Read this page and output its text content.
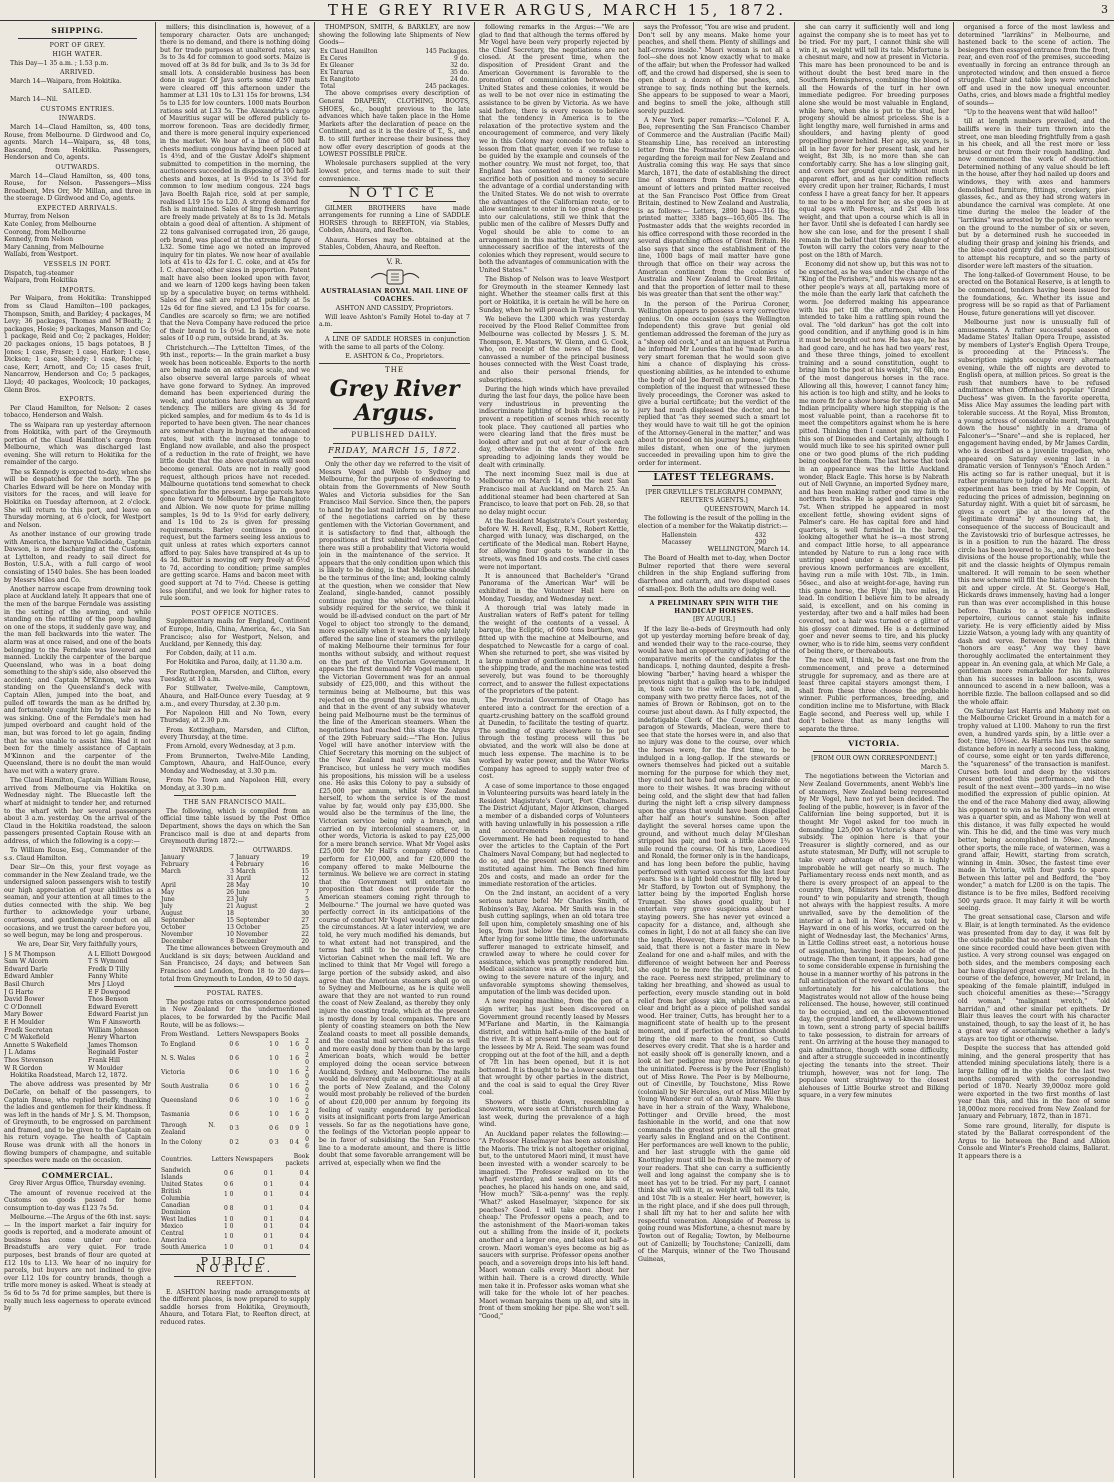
THE GREY RIVER ARGUS, MARCH 15, 1872.	3
SHIPPING.
PORT OF GREY.
HIGH WATER.

This Day—1 35 a.m. ; 1.53 p.m.

ARRIVED.

March 14—Waipara, from Hokitika.

SAILED.

March 14—Nil.

CUSTOMS ENTRIES.
INWARDS.

March 14—Claud Hamilton, ss, 400 tons, Rouse, from Melbourne. D Girdwood and Co, agents. March 14—Waipara, ss, 48 tons, Bascand, from Hokitika. Passengers, Henderson and Co, agents.

OUTWARDS.

March 14—Claud Hamilton, ss, 400 tons, Rouse, for Nelson. Passengers—Miss Broadbent, Mrs Orr, Mr Millan, and three in the steerage. D Girdwood and Co, agents.

EXPECTED ARRIVALS.
Murray, from Nelson
Kate Conley, from Melbourne
Coorong, from Melbourne
Kennedy, from Nelson
Mary Canning, from Melbourne
Wallabi, from Westport.
VESSELS IN PORT.
Dispatch, tug-steamer
Waipara, from Hokitika
IMPORTS.

Per Waipara, from Hokitika: Transhipped from ss Claud Hamilton—100 packages, Thompson, Smith, and Barkley; 4 packages, M Levy; 36 packages, Thomas and M'Beath; 2 packages, Hosie; 9 packages, Manson and Co; 1 package, Reid and Co; 2 packages, Holder; 20 packages onions, 15 bags potatoes, B J Jones; 1 case, Fraser; 1 case, Harker; 1 case, Dickson; 1 case, Sheedy; 1 case, Roche; 1 case, Kerr, Arnott, and Co; 15 cases fruit, Nancarrow, Henderson and Co; 5 packages, Lloyd; 40 packages, Woolcock; 10 packages, Glenn Bros.

EXPORTS.

Per Claud Hamilton, for Nelson: 2 cases tobacco, Henderson and Walsh.

The ss Waipara ran up yesterday afternoon from Hokitika, with part of the Greymouth portion of the Claud Hamilton's cargo from Melbourne, which was discharged last evening. She will return to Hokitika for the remainder of the cargo.

The ss Kennedy is expected to-day, when she will be despatched for the north. The ps Charles Edward will be here on Monday with visitors for the races, and will leave for Hokitika on Tuesday afternoon, at 2 o'clock. She will return to this port, and leave on Thursday morning, at 6 o'clock, for Westport and Nelson.

As another instance of our growing trade with America, the barque Vallecidade, Captain Dawson, is now discharging at the Customs, at Lyttelton, and ready to sail direct for Boston, U.S.A., with a full cargo of wool consisting of 1540 bales. She has been loaded by Messrs Miles and Co.

Another narrow escape from drowning took place at Auckland lately. It appears that one of the men of the barque Ferndale was assisting in the setting of the awning, and while standing on the rattling of the poop hauling on one of the stops, it suddenly gave way, and the man fell backwards into the water. The alarm was at once raised, and one of the boats belonging to the Ferndale was lowered and manned. Luckily the carpenter of the barque Queensland, who was in a boat doing something to the ship's side, also observed the accident; and Captain M'Kinnon, who was standing on the Queensland's deck with Captain Allen, jumped into the boat, and pulled off towards the man as he drifted by, and fortunately caught him by the hair as he was sinking. One of the Ferndale's men had jumped overboard and caught hold of the man, but was forced to let go again, finding that he was unable to assist him. Had it not been for the timely assistance of Captain M'Kinnon and the carpenter of the Queensland, there is no doubt the man would have met with a watery grave.

The Claud Hamilton, Captain William Rouse, arrived from Melbourne via Hokitika on Wednesday night. The Bluecastle left the wharf at midnight to tender her, and returned to the wharf with her several passengers about 3 a.m. yesterday. On the arrival of the Claud in the Hokitika roadstead, the saloon passengers presented Captain Rouse with an address, of which the following is a copy:—

To William Rouse, Esq., Commander of the s.s. Claud Hamilton.

Dear Sir—On this, your first voyage as commander in the New Zealand trade, we the undersigned saloon passengers wish to testify our high appreciation of your abilities as a seaman, and your attention at all times to the duties connected with the ship. We beg further to acknowledge your urbane, courteous, and gentlemanly conduct on all occasions, and we trust the career before you, so well begun, may be long and prosperous.

We are, Dear Sir, Very faithfully yours,

J S M Thompson
Sam W Alcorn
Edward Darle
Edward Ambler
Basil Church
J G Harte
David Bower
C O'Donnell
Mary Bower
E H Moulder
Fredk Secretan
C M Wakefield
Annette S Wakefield
J L Adams
Thos Stevenson
W R Gordon
A L Elliott Dowgood
T S Wymond
Fredk D Tilly
Fanny White
Mrs J Lloyd
E F Dowgood
Thos Benson
Edward Everett
Edward Fearist jun
Wm F Ainsworth
William Johnson
Henry Wharton
James Thomson
Reginald Foster
Frank Hill
W Moulder

Hokitika Roadstead, March 12, 1872.

The above address was presented by Mr DeCarle, on behalf of the passengers, to Captain Rouse, who replied briefly, thanking the ladies and gentlemen for their kindness. It was left in the hands of Mr J. S. M. Thompson, of Greymouth, to be engrossed on parchment and framed, and to be given to the Captain on his return voyage. The health of Captain Rouse was drunk with all the honors in flowing bumpers of champagne, and suitable speeches were made on the occasion.

COMMERCIAL.

Grey River Argus Office, Thursday evening.

The amount of revenue received at the Customs on goods passed for home consumption to-day was £123 7s 5d.

Melbourne.—The Argus of the 6th inst. says:— In the import market a fair inquiry for goods is reported, and a moderate amount of business has come under our notice. Breadstuffs are very quiet. For trade purposes, best brands of flour are quoted at £12 10s to L13. We hear of no inquiry for parcels, but buyers are not inclined to give over L12 10s for country brands, though a trifle more money is asked. Wheat is steady at 5s 6d to 5s 7d for prime samples, but there is really much less eagerness to operate evinced by

millers; this disinclination is, however, of a temporary character. Oats are unchanged; there is no demand, and there is nothing doing but for trade purposes at unaltered rates, say 3s to 3s 4d for common to good sorts. Maize is moved off at 3s 8d for bulk, and 3s to 3s 3d for small lots. A considerable business has been done in sugar. Of Java sorts some 4297 mats were cleared off this afternoon under the hammer at L31 10s to L31 15s for browns, L34 5s to L35 for low counters. 1000 mats Bourbon rations sold at L33 5s. The Alexandria's cargo of Mauritius sugar will be offered publicly to-morrow forenoon. Teas are decidedly firmer, and there is more general inquiry experienced in the market. We hear of a line of 500 half chests medium congous having been placed at 1s 4½d, and of the Gustav Adolf's shipment submitted to competition in the morning, the auctioneers succeeded in disposing of 100 half-chests and boxes, at 1s 9½d to 1s 3½d for common to low medium congous. 224 bags Java Boelth Rajah rice, sold at per sample, realised L19 15s to L20. A strong demand for fish is maintained. Sales of ling fresh herrings are freely made privately at 8s to 1s 3d. Metals obtain a good deal of attention. A shipment of 22 tons galvanised corrugated iron, 26 gauge, orb brand, was placed at the extreme figure of L32. Some time ago we noted an improved inquiry for tin plates. We now hear of available lots at 41s to 42s for I. C. coke, and at 45s for I. C. charcoal; other sizes in proportion. Patent malt have also been looked upon with favor, and we learn of 1200 kegs having been taken up by a speculative buyer, on terms withheld. Sales of fine salt are reported publicly at 5s 12s 6d for fine sieved, and L3 15s for coarse. Candles are scarcely so firm; we are notified that the Neva Company have reduced the price of their brand to 1s 0½d. In liquids we note sales of 10 o.p rum, outside brand, at 3s.

Christchurch.—The Lyttelton Times, of the 9th inst., reports:— In the grain market a busy week has been noticeable. Exports to the north are being made on an extensive scale, and we also observe several large parcels of wheat have gone forward to Sydney. An improved demand has been experienced during the week, and quotations have shown an upward tendency. The millers are giving 4s 3d for picked samples, and for medium 4s to 4s 1d is reported to have been given. The near chances are somewhat chary in buying at the advanced rates, but with the increased tonnage to England now available, and also the prospect of a reduction in the rate of freight, we have little doubt that the above quotations will soon become general. Oats are not in really good request, although prices have not receded. Malbourne quotations tend somewhat to check speculation for the present. Large parcels have gone forward to Melbourne by the Rangitoto and Albion. We now quote for prime milling samples, 1s 9d to 1s 9½d for early delivery, and 1s 10d to 2s is given for pressing requirements. Barley continues in good request, but the farmers seeing less anxious to quit unless at rates which exporters cannot afford to pay. Sales have transpired at 4s up to 4s 3d. Butter is moving off very freely at 6½d to 7d, according to condition; prime samples are getting scarce. Hams and bacon meet with good support at 7d to 7½d. Cheese is getting less plentiful, and we look for higher rates to rule soon.

POST OFFICE NOTICES.

Supplementary mails for England, Continent of Europe, India, China, America, &c., via San Francisco; also for Westport, Nelson, and Auckland, per Kennedy, this day.

For Cobden, daily, at 11 a.m.

For Hokitika and Paroa, daily, at 11.30 a.m.

For Rutherglen, Marsden, and Clifton, every Tuesday, at 10 a.m.

For Stillwater, Twelve-mile, Camptown, Ahaura, and Half-Ounce every Tuesday, at 9 a.m., and every Thursday, at 2.30 p.m.

For Napoleon Hill and No Town, every Thursday, at 2.30 p.m.

From Kottingham, Marsden, and Clifton, every Thursday, at the time.

From Arnold, every Wednesday, at 3 p.m.

From Brunnerton, Twelve-Mile Landing, Camptown, Ahaura, and Half-Ounce, every Monday and Wednesday, at 3.30 p.m.

From No Town and Napoleon Hill, every Monday, at 3.30 p.m.

THE SAN FRANCISCO MAIL.

The following, which is compiled from an official time table issued by the Post Office Department, shows the days on which the San Francisco mail is due at and departs from Greymouth during 1872:—

INWARDS.		OUTWARDS.	
January	7	January	19
February	4	February	16
March	3	March	15
	31	April	12
April	28	May	10
May	26	June	7
June	23	July	5
July	21	August	2
August	18		30
September	15	September	27
October	13	October	25
November	10	November	22
December	8	December	20

The time allowances between Greymouth and Auckland is six days; between Auckland and San Francisco, 24 days; and between San Francisco and London, from 18 to 20 days—total from Greymouth to London, 49 to 50 days.

POSTAL RATES.

The postage rates on correspondence posted in New Zealand for the undermentioned places, to be forwarded by the Pacific Mail Route, will be as follows:—

From Westland.	Letters	Newspapers	Books	
To England	0 6	1 0	1 6	2 0
N. S. Wales	0 6	1 0	1 6	2 0
Victoria	0 6	1 0	1 6	2 0
South Australia	0 6	1 0	1 6	2 0
Queensland	0 6	1 0	1 6	2 0
Tasmania	0 6	1 0	1 6	2 0
Through N. Zealand	0 3	0 6	0 9	1 0
In the Colony	0 2	0 3	0 4	0 6
Countries.	Letters	Newspapers	Book packets
Sandwich Islands	0 6	0 1	0 4
United States	0 6	0 1	0 4
British Columbia	1 0	0 1	0 4
Canadian Dominion	0 8	0 1	0 4
West Indies	1 0	0 1	0 4
Mexico	1 0	0 1	0 4
Central America	1 0	0 1	0 4
South America	1 0	0 1	0 4
PUBLIC NOTICE.
REEFTON.

E. ASHTON having made arrangements at the different places, is now prepared to supply saddle horses from Hokitika, Greymouth, Ahaura, and Totara Flat, to Reefton direct, at reduced rates.

THOMPSON, SMITH, & BARKLEY, are now showing the following late Shipments of New Goods—

Ex Claud Hamilton	145 Packages.
Ex Ceres	9 do.
Ex Gleaner	32 do.
Ex Tararua	35 do.
Ex Rangitoto	24 do.
Total	245 packages.

The above comprises every description of General DRAPERY, CLOTHING, BOOTS, SHOES, &c., bought previous to the late advances which have taken place in the Home Markets after the declaration of peace on the Continent, and as it is the desire of T., S., and B. to still further increase their business they now offer every description of goods at the LOWEST POSSIBLE PRICE.

Wholesale purchasers supplied at the very lowest price, and terms made to suit their convenience.

NOTICE

GILMER BROTHERS have made arrangements for running a Line of SADDLE HORSES through to REEFTON, via Stables, Cobden, Ahaura, and Reefton.

Ahaura. Horses may be obtained at the Stables, Cobden, Ahaura, and Reefton.

V. R.
AUSTRALASIAN ROYAL MAIL LINE OF COACHES.

ASHTON AND CASSIDY, Proprietors.

Will leave Ashton's Family Hotel to-day at 7 a.m.

A LINE OF SADDLE HORSES in conjunction with the same to all parts of the Colony.

E. ASHTON & Co., Proprietors.

THE
Grey River Argus.
PUBLISHED DAILY.
FRIDAY, MARCH 15, 1872.

Only the other day we referred to the visit of Messrs Vogel and Webb to Sydney and Melbourne, for the purpose of endeavoring to obtain from the Governments of New South Wales and Victoria subsidies for the San Francisco Mail Service. Since then, the papers to hand by the last mail inform us of the nature of the negotiations carried on by these gentlemen with the Victorian Government, and it is satisfactory to find that, although the propositions at first submitted were rejected, there was still a probability that Victoria would join in the maintenance of the service. It appears that the only condition upon which this is likely to be doing, is that Melbourne should be the terminus of the line; and, looking calmly at the question, when we consider that New Zealand, single-handed, cannot possibly continue paying the whole of the colonial subsidy required for the service, we think it would be ill-advised conduct on the part of Mr Vogel to object too strongly to the demand, more especially when it was he who only lately offered the same line of steamers the privilege of making Melbourne their terminus for four months without subsidy, and without request on the part of the Victorian Government. It appears the first demand Mr Vogel made upon the Victorian Government was for an annual subsidy of £25,000, and this without the terminus being at Melbourne, but this was rejected on the ground that it was too much, and that in the event of any subsidy whatever being paid Melbourne must be the terminus of the line of the American steamers. When the negotiations had reached this stage the Argus of the 29th February said:—"The Hon. Julius Vogel will have another interview with the Chief Secretary this morning on the subject of the New Zealand mail service via San Francisco, but unless he very much modifies his propositions, his mission will be a useless one. He asks this Colony to pay a subsidy of £25,000 per annum, whilst New Zealand herself, to whom the service is of the most value by far, would only pay £35,000. She would also be the terminus of the line, the Victorian service being only a branch, and carried on by intercolonial steamers, or, in other words, Victoria is asked to pay £25,000 for a mere branch service. What Mr Vogel asks £25,000 for Mr Hall's company offered to perform for £10,000, and for £20,000 the company offered to make Melbourne the terminus. We believe we are correct in stating that the Government will entertain no proposition that does not provide for the American steamers coming right through to Melbourne." The journal we have quoted was perfectly correct in its anticipations of the course of conduct Mr Vogel would adopt under the circumstances. At a later interview, we are told, he very much modified his demands, but to what extent had not transpired, and the terms had still to be considered by the Victorian Cabinet when the mail left. We are inclined to think that Mr Vogel will forego a large portion of the subsidy asked, and also agree that the American steamers shall go on to Sydney and Melbourne, as he is quite well aware that they are not wanted to run round the coast of New Zealand, as thereby they only injure the coasting trade, which at the present is mostly done by local companies. There are plenty of coasting steamers on both the New Zealand coasts to meet all possible demands, and the coastal mail service could be as well and more easily done by them than by the large American boats, which would be better employed doing the ocean service between Auckland, Sydney, and Melbourne. The mails would be delivered quite as expeditiously at all the ports of New Zealand, and the Colony would most probably be relieved of the burden of about £20,000 per annum by forgoing its feeling of vanity engendered by periodical visits at insignificant ports from large American vessels. So far as the negotiations have gone, the feelings of the Victorian people appear to be in favor of subsidising the San Francisco line to a moderate amount, and there is little doubt that some favorable arrangement will be arrived at, especially when we find the

following remarks in the Argus:—"We are glad to find that although the terms offered by Mr Vogel have been very properly rejected by the Chief Secretary, the negotiations are not closed. At the present time, when the disposition of President Grant and the American Government is favorable to the promotion of communication between the United States and these colonies, it would be as well to be not over nice in estimating the assistance to be given by Victoria. As we have said before, there is every reason to believe that the tendency in America is to the relaxation of the protective system and the encouragement of commerce, and very likely we in this Colony may concede too to take a lesson from that quarter, even if we refuse to be guided by the example and counsels of the mother country. We must not forget, too, that England has consented to a considerable sacrifice both of position and money to secure the advantage of a cordial understanding with the United States. We do not wish to overrate the advantages of the Californian route, or to allow sentiment to enter in too great a degree into our calculations, still we think that the public men of the calibre of Messrs Duffy and Vogel should be able to come to an arrangement in this matter, that, without any unnecessary sacrifice of the interests of the colonies which they represent, would secure to both the advantages of communication with the United States."

The Bishop of Nelson was to leave Westport for Greymouth in the steamer Kennedy last night. Whether the steamer calls first at this port or Hokitika, it is certain he will be here on Sunday, when he will preach in Trinity Church.

We believe the L300 which was yesterday received by the Flood Relief Committee from Melbourne was collected by Messrs J. S. M. Thompson, E. Masters, W. Glenn, and G. Cook, who, on receipt of the news of the flood, canvassed a number of the principal business houses connected with the West Coast trade, and also their personal friends, for subscriptions.

During the high winds which have prevailed during the last four days, the police have been very industrious in preventing the indiscriminate lighting of bush fires, so as to prevent a repetition of scenes which recently took place. They cautioned all parties who were clearing land that the fires must be looked after and put out at four o'clock each day, otherwise in the event of the fire spreading to adjoining lands they would be dealt with criminally.

The next incoming Suez mail is due at Melbourne on March 14, and the next San Francisco mail at Auckland on March 25. An additional steamer had been chartered at San Francisco, to leave that port on Feb. 28, so that no delay might occur.

At the Resident Magistrate's Court yesterday, before W. H. Revell, Esq., R.M., Robert Kettle, charged with lunacy, was discharged, on the certificate of the Medical man. Robert Hayne, for allowing four goats to wander in the streets, was fined 10s and costs. The civil cases were not important.

It is announced that Bachelder's "Grand Panorama of the American War" will be exhibited in the Volunteer Hall here on Monday, Tuesday, and Wednesday next.

A thorough trial was lately made in Australian waters of Reff's patent for telling the weight of the contents of a vessel. A barque, the Ecliptic, of 600 tons burthen, was fitted up with the machine at Melbourne, and despatched to Newcastle for a cargo of coal. When she returned to port, she was visited by a large number of gentlemen connected with the shipping trade, and the machine was tested severely, but was found to be thoroughly correct, and to answer the fullest expectations of the proprietors of the patent.

The Provincial Government of Otago has entered into a contract for the erection of a quartz-crushing battery on the scaffold ground at Dunedin, to facilitate the testing of quartz. The sending of quartz elsewhere to be put through the testing process will thus be obviated, and the work will also be done at much less expense. The machine is to be worked by water power, and the Water Works Company has agreed to supply water free of cost.

A case of some importance to those engaged in Volunteering pursuits was heard lately in the Resident Magistrate's Court, Port Chalmers. The District Adjutant, Major Atkinson, charged a member of a disbanded corps of Volunteers with having unlawfully in his possession a rifle and accoutrements belonging to the Government. He had been requested to hand over the articles to the Captain of the Port Chalmers Naval Company, but had neglected to do so, and the present action was therefore instituted against him. The Bench fined him 20s and costs, and made an order for the immediate restoration of the articles.

On the 2nd instant, an accident of a very serious nature befel Mr Charles Smith, of Robinson's Bay, Akaroa. Mr Smith was in the bush cutting saplings, when an old totara tree fell upon him, completely smashing one of his legs, from just below the knee downwards. After lying for some little time, the unfortunate sufferer managed to extricate himself, and crawled away to where he could cover for assistance, which was promptly rendered him. Medical assistance was at once sought; but, owing to the severe nature of the injury, and unfavorable symptoms showing themselves, amputation of the limb was decided upon.

A new reaping machine, from the pen of a sign writer, has just been discovered on Government ground recently leased by Messrs M'Farlane and Martin, in the Kaimangia district, and within half-a-mile of the bank of the river. It is at present being opened out for the lessees by Mr A. Reid. The seam was found cropping out at the foot of the hill, and a depth of 7ft 1in has been opened, but it is not bottomed. It is thought to be a lower seam than that wrought by other parties in the district, and the coal is said to equal the Grey River coal.

Showers of thistle down, resembling a snowstorm, were seen at Christchurch one day last week, during the prevalence of a high wind.

An Auckland paper relates the following:— "A Professor Haselmayer has been astonishing the Maoris. The trick is not altogether original, but, to the untutored Maori mind, it must have been invested with a wonder scarcely to be imagined. The Professor walked on to the wharf yesterday, and seeing some kits of peaches, he placed his hands on one, and said, 'How much?' 'Sik-a-penny' was the reply. 'What?' asked Haselmayer, 'sixpence for six peaches? Good. I will take one. They are cheap.' The Professor opens a peach, and to the astonishment of the Maori-woman takes out a shilling from the inside of it, pockets another and a larger one, and takes out half-a-crown. Maori woman's eyes become as big as saucers with surprise. Professor opens another peach, and a sovereign drops into his left hand. Maori woman calls every Maori about her within hail. There is a crowd directly. While men take it in. Professor asks woman what she will take for the whole lot of her peaches. Maori woman bargains them up all, and sits in front of them smoking her pipe. She won't sell. "Good,"

says the Professor, "You are wise and prudent. Don't sell by any means. Make home your peaches, and shell them. Plenty of shillings and half-crowns inside." Maori woman is not all a fool—she does not know exactly what to make of the affair; but when the Professor had walked off, and the crowd had dispersed, she is seen to open about a dozen of the peaches, and, strange to say, finds nothing but the kernels. She appears to be supposed to wear a Maori, and begins to smell the joke, although still sorely puzzled.

A New York paper remarks:—"Colonel F. A. Bee, representing the San Francisco Chamber of Commerce and the Australian (Pacific Mail) Steamship Line, has received an interesting letter from the Postmaster of San Francisco regarding the foreign mail for New Zealand and Australia coming this way. He says that since March, 1871, the date of establishing the direct line of steamers from San Francisco, the amount of letters and printed matter received at the San Francisco Post Office from Great Britain, destined to New Zealand and Australia, is as follows:— Letters, 2890 bags—316 lbs; printed matter, 3385 bags—165,605 lbs. The Postmaster adds that the weights recorded in his office correspond with those recorded in the several dispatching offices of Great Britain. He also says that since the establishment of the line, 1000 bags of mail matter have gone through that office on their way across the American continent from the colonies of Australia and New Zealand to Great Britain, and that the proportion of letter mail to these bis was greater than that sent the other way."

In the person of the Porirua Coroner, Wellington appears to possess a very corrective genius. On one occasion (says the Wellington Independent) this grave but genial old gentleman addressed the foreman of the jury as a "sheep old cock," and at an inquest at Porirua he informed Mr Lourdes that he "made such a very smart foreman that he would soon give him a chance of displaying his cross-questioning abilities, as he intended to exhume the body of old Joe Borrell on purpose." On the completion of the inquest that witnessed these lively proceedings, the Coroner was asked to give a burial certificate; but the verdict of the jury had much displeased the doctor, and he replied that "as they seemed such a smart lot they would have to wait till he got the opinion of the Attorney-General in the matter," and was about to proceed on his journey home, eighteen miles distant, when one of the jurymen succeeded in prevailing upon him to give the order for interment.

LATEST TELEGRAMS.

[PER GREVILLE'S TELEGRAPH COMPANY, REUTER'S AGENTS.]

QUEENSTOWN, March 14.

The following is the result of the polling in the election of a member for the Wakatip district:—

Hallenstein	432
Macassey	290

WELLINGTON, March 14.

The Board of Health met to-day, when Doctor Bulmer reported that there were several children in the ship England suffering from diarrhoea and catarrh, and two disputed cases of small-pox. Both the adults are doing well.

A PRELIMINARY SPIN WITH THE HANDICAP HORSES.

[BY AUGUR.]

If the lazy lie-a-beds of Greymouth had only got up yesterday morning before break of day, and wended their way to the race-course, they would have had an opportunity of judging of the comparative merits of the candidates for the handicaps. I, nothing daunted, despite a fresh-blowing "barber," having heard a whisper the previous night that a gallop was to be indulged in, took care to rise with the lark, and, in company with two pretty fierce faces, not of the names of Brown or Robinson, got on to the course just about dawn. As I fully expected, the indefatigable Clerk of the Course, and that paragon of Stewards, Maclean, were there to see that state the horses were in, and also that no injury was done to the course, over which the horses were, for the first time, to be indulged in a long-gallop. If the stewards or owners themselves had picked out a suitable morning for the purpose for which they met, they could not have had one more desirable or more to their wishes. It was bracing without being cold, and the slight dew that had fallen during the night left a crisp silvery dampness upon the grass that would have been dispelled after half an hour's sunshine. Soon after daylight the several horses came upon the ground, and without much delay M'Gleshan stripped his pair, and took a little above 1¾ mile round the course. Of his two, Lacedieed and Ronald, the former only is in the handicaps, and has long been before the public, having performed with varied success for the last four years. She is a light bold chestnut filly, bred by Mr Stafford, by Towton out of Symphony, the latter being by the imported English horse Trumpet. She shows good quality, but I entertain very grave suspicions about her staying powers. She has never yet evinced a capacity for a distance, and, although she comes in light, I do not at all fancy she can live the length. However, there is this much to be said, that there is not a faster mare in New Zealand for one and a-half miles, and with the difference of weight between her and Peeress she ought to be more the latter at the end of the race. Peeress next stripped, preliminary to taking her breathing, and showed as usual to perfection, every muscle standing out in bold relief from her glossy skin, while that was as clear and bright as a piece of polished sandal wood. Her trainer, Cutts, has brought her to a magnificent state of health up to the present moment, and if perfection of condition should bring the old mare to the front, so Cutts deserves every credit. That she is a harder and not easily shook off is generally known, and a look at her pedigree may prove interesting to the uninitiated. Peeress is by the Peer (English) out of Miss Rowe. The Peer is by Melbourne, out of Cineville, by Touchstone, Miss Rowe (colonial) by Sir Hercules, out of Miss Miller by Young Wanderer out of an Arab mare. We thus have in her a strain of the Waxy, Whalebone, Pottinger and Orville breed, the most fashionable in the world, and one that now commands the greatest prices at all the great yearly sales in England and on the Continent. Her performances are well known to the public, and her last struggle with the game old Knottingley must still be fresh in the memory of your readers. That she can carry a sufficiently well and long against the company she is to meet has yet to be tried. For my part, I cannot think she will win it, as weight will tell its tale, and 10st 7lb is a stealer. Her heart, however, is in the right place, and if she does pull through, I shall lift my hat to her and salute her with respectful veneration. Alongside of Peeress is going round was Misfortune, a chesnut mare by Towton out of Regalia; Towton, by Melbourne out of Canizelli; by Touchstone; Canizelli, dam of the Marquis, winner of the Two Thousand Guineas,

she can carry it sufficiently well and long against the company she is to meet has yet to be tried. For my part, I cannot think she will win it, as weight will tell its tale. Misfortune is a chesnut mare, and now at present in Victoria. This mare has been pronounced to be and is without doubt the best bred mare in the Southern Hemispheres, combining the blood of all the Howards of the turf in her own immediate pedigree. For breeding purposes alone she would be most valuable in England, while here, when she is put to the stud, her progeny should be almost priceless. She is a light lengthy mare, well furnished in arms and shoulders, and having plenty of good propelling power behind. Her age, six years, is all in her favor for her present task, and her weight, 8st 3lb, is no more than she can comfortably carry. She has a low slinging gait, and covers her ground quickly without much apparent effort, and as her condition reflects every credit upon her trainer, Richards, I must confess I have a great fancy for her. It appears to me to be a moral for her, as she goes in at equal ages with Peeress, and 2st 4lb less weight, and that upon a course which is all in her favor. Until she is defeated I can hardly see how she can lose, and for the present I shall remain in the belief that this game daughter of Towton will carry the colors very near to the post on the 18th of March.

Economy did not show up, but this was not to be expected, as he was under the charge of the "King of the Perishers," and his ways are not as other people's ways at all, partaking more of the mole than the early lark that catcheth the worm. Joe deferred making his appearance with his pet till the afternoon, when he intended to take him a rattling spin round the oval. The "old darkun" has got the colt into good condition, and if anything good is in him it must be brought out now. He has age, he has had good care, and he has had two years' rest, and these three things, joined to excellent training and a sound constitution, ought to bring him to the post at his weight, 7st 6lb, one of the most dangerous horses in the race. Allowing all this, however, I cannot fancy him; his action is too high and stilty, and he looks to me more fit for a show horse for the rajah of an Indian principality where high stepping is the most valuable point, than a racehorse fit to meet the competitors against whom he is here pitted. Thinking then I cannot pin my faith to this son of Diomedes and Certainly, although I would much like to see his spirited owner pull one or two good plums of the rich pudding being cooked for them. The last horse that took in an appearance was the little Auckland wonder, Black Eagle. This horse is by Nabrath out of Nell Gwynne, an imported Sydney mare, and has been making rather good time in the northern tracks. He is aged and carries only 7st. When stripped he appeared in most excellent fettle, showing evident signs of Palmer's care. He has capital fore and hind quarters, is well furnished in the barrel, looking altogether what he is—a most strong and compact little horse, to all appearance intended by Nature to run a long race with untiring speed under a high weight. His previous known performances are excellent, having run a mile with 10st. 7lb., in 1min. 56sec., and also at weight-for-age, having run this game horse, the Flyin' Jib, two miles, in lead. In condition I believe him to be already said, is excellent, and on his coming in yesterday, after two and a half miles had been covered, not a hair was turned or a glitter of his glossy coat dimmed. He is a determined goer and never seems to tire, and his plucky owner, who is to ride him, seems very confident of being there, or thereabouts.

The race will, I think, be a fast one from the commencement, and prove a determined struggle for supremacy, and as there are at least three capital stayers amongst them, I shall from these three choose the probable winner. Public performances, breeding, and condition incline me to Misfortune, with Black Eagle second, and Peeress well up, while I don't believe that as many lengths will separate the three.

VICTORIA.

[FROM OUR OWN CORRESPONDENT.]

March 5.

The negotiations between the Victorian and New Zealand Governments, anent Webb's line of steamers, New Zealand being represented by Mr Vogel, have not yet been decided. The feeling of the public, however, is in favor of the Californian line being supported, but it is thought Mr Vogel asked for too much in demanding L25,000 as Victoria's share of the subsidy. The opinion here is that your Treasurer is slightly cornered, and as our astute statesman, Mr Duffy, will not scruple to take every advantage of this, it is highly improbable he will get nearly so much. The Parliamentary recess ends next month, and as there is every prospect of an appeal to the country then, Ministers have been "feeding round" to win popularity and strength, though not always with the happiest results. A more unrivalled, save by the demolition of the interior of a hell in New York, as told by Hayward in one of his works, occurred on the night of Wednesday last, the Mechanics' Arms, in Little Collins street east, a notorious house of assignation, having been the locale of the outrage. The then tenant, it appears, had gone to some considerable expense in furnishing the house in a manner worthy of his patrons in the full anticipation of the reward of the house, but unfortunately for his calculations the Magistrates would not allow of the house being relicensed. The house, however, still continued to be occupied, and on the abovementioned day, the ground landlord, a well-known brewer in town, sent a strong party of special bailiffs to take possession, to distrain for arrears of rent. On arriving at the house they managed to gain admittance, though with some difficulty, and after a struggle succeeded in incontinently ejecting the tenants into the street. Their triumph, however, was not for long. The populace went straightway to the closest alehouses of Little Bourke street and Bilking square, in a very few minutes

organised a force of the most lawless and determined "larrikins" in Melbourne, and hastened back to the scene of action. The besiegers then essayed entrance from the front, rear, and even roof of the premises, succeeding eventually in forcing an entrance through an unprotected window, and then ensued a fierce struggle. Chair and table legs were wrenched off and used in the now unequal encounter. Oaths, cries, and blows made a frightful medley of sounds—

"Up to the heavens went that wild halloo!"

till at length numbers prevailed, and the bailiffs were in their turn thrown into the street, one man bleeding frightfully from a gash in his cheek, and all the rest more or less bruised or cut from their rough handling. And now commenced the work of destruction. Determined nothing of any value should be left in the house, after they had nailed up doors and windows, they with axes and hammers demolished furniture, fittings, crockery, pier-glasses, &c., and as they had strong waters in abundance the carnival was complete. At one time during the melee the leader of the "larrikins" was arrested by the police, who were on the ground to the number of six or seven, but by a determined rush he succeeded in eluding their grasp and joining his friends, and the blue-coated gentry did not seem ambitious to attempt his recapture, and so the party of disorder were left masters of the situation.

The long-talked-of Government House, to be erected on the Botanical Reserve, is at length to be commenced, tenders having been issued for the foundations, &c. Whether its issue and progress will be so rapid as that of Parliament House, future generations will yet discover.

Melbourne just now is unusually full of amusements. A rather successful season of Madame States' Italian Opera Troupe, assisted by members of Lyster's English Opera Troupe, is proceeding at the Princess's. The subscription nights occupy every alternate evening, while the off nights are devoted to English opera, at million prices. So great is the rush that numbers have to be refused admittance when Offenbach's popular "Grand Duchess" was given. In the favorite operetta, Miss Alice May assumes the leading part with tolerable success. At the Royal, Miss Bromton, a young actress of considerable merit, "brought down the house" nightly in a drama of Falconer's—"Snare"—and she is replaced, her engagement having ended, by Mr James Cardin, who is described as a juvenile tragedian, who appeared on Saturday evening last in a dramatic version of Tennyson's "Enoch Arden." His acting so far is rather unequal, but it is rather premature to judge of his real merit. An experiment has been tried by Mr Coppin, of reducing the prices of admission, beginning on Saturday night. With a quiet bit of sarcasm, he gives a covert jibe at the lovers of the "legitimate drama" by announcing that, in consequence of the success of Boucicault and the Zavistowski trio of burlesque actresses, he is in a position to run the hazard. The dress circle has been lowered to 3s., and the two best divisions of the house proportionably, while the pit and the classic heights of Olympus remain unaltered. It will remain to be seen whether this new scheme will fill the hiatus between the pit and upper circle. At St. George's Hall, Hickards draws immensely, having had a longer run than was ever accomplished in this house before. Thanks to a seemingly endless repertoire, curious cannot stale his infinite variety. He is very efficiently aided by Miss Lizzie Watson, a young lady with any quantity of dash and verve. Between the two I think "honors are easy." Any way they have thoroughly acclimated the entertainment they appear in. An evening gala, at which Mr Gale, a gentleman more remarkable for his failures than his successes in balloon ascents, was announced to ascend in a new balloon, was a horrible fizzle. The balloon collapsed and so did the whole affair.

On Saturday last Harris and Mahony met on the Melbourne Cricket Ground in a match for a trophy valued at L100. Mahony to run the first even, a hundred yards spin, by a little over a foot; time, 10½sec. As Harris has run the same distance before in nearly a second less, making, of course, some eight or ten yards difference, the "squareness" of the transaction is manifest. Curses both loud and deep by the visitors present greeted this performance, and the result of the next event—300 yards—in no wise modified the expression of public opinion. At the end of the race Mahony died away, allowing his opponent to win as he liked. The final event was a quarter spin, and as Mahony won well at this distance, it was fully expected he would win. This he did, and the time was very much better, being accomplished in 59sec. Among other sports, the mile race, of watermen, was a grand affair, Hewitt, starting from scratch, winning in 4min. 30sec, the fastest time ever made in Victoria, with four yards to spare. Between this latter pel and Bedford, the "boy wonder," a match for L200 is on the tapis. The distance is to be five miles, Bedford receiving 500 yards grace. It may fairly it will be worth seeing.

The great sensational case, Clarson and wife v. Blair, is at length terminated. As the evidence was presented from day to day, it was felt by the outside public that no other verdict than the one since recorded could have been given with justice. A very strong counsel was engaged on both sides, and the members composing each bar have displayed great energy and tact. In the course of the defence, however, Mr Ireland, in speaking of the female plaintiff, indulged in such choiceful amenities as these:—"Scraggy old woman," "malignant wretch," "old harridan," and other similar pet epithets. Dr Blair thus leaves the court with his character unstained, though, to say the least of it, he has a great way of ascertaining whether a lady's stays are too tight or otherwise.

Despite the success that has attended gold mining, and the general prosperity that has attended mining speculations lately, there is a large falling off in the yields for the last two months compared with the corresponding period of 1870. Nearly 39,000oz more gold were exported in the two first months of last year than this, and this in the face of some 18,000oz more received from New Zealand for January and February, 1872, than in 1871.

Some rare ground, literally, for dispute is stated by the Ballarat correspondent of the Argus to lie between the Band and Albion Console and Winter's Freehold claims, Ballarat. It appears there is a
